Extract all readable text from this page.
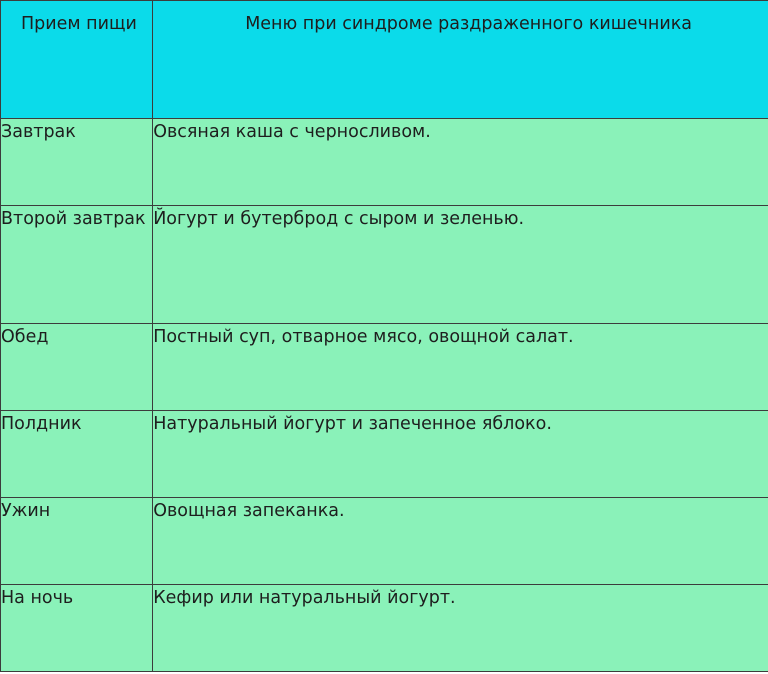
Прием пищи	Меню при синдроме раздраженного кишечника
Завтрак	Овсяная каша с черносливом.
Второй завтрак	Йогурт и бутерброд с сыром и зеленью.
Обед	Постный суп, отварное мясо, овощной салат.
Полдник	Натуральный йогурт и запеченное яблоко.
Ужин	Овощная запеканка.
На ночь	Кефир или натуральный йогурт.
